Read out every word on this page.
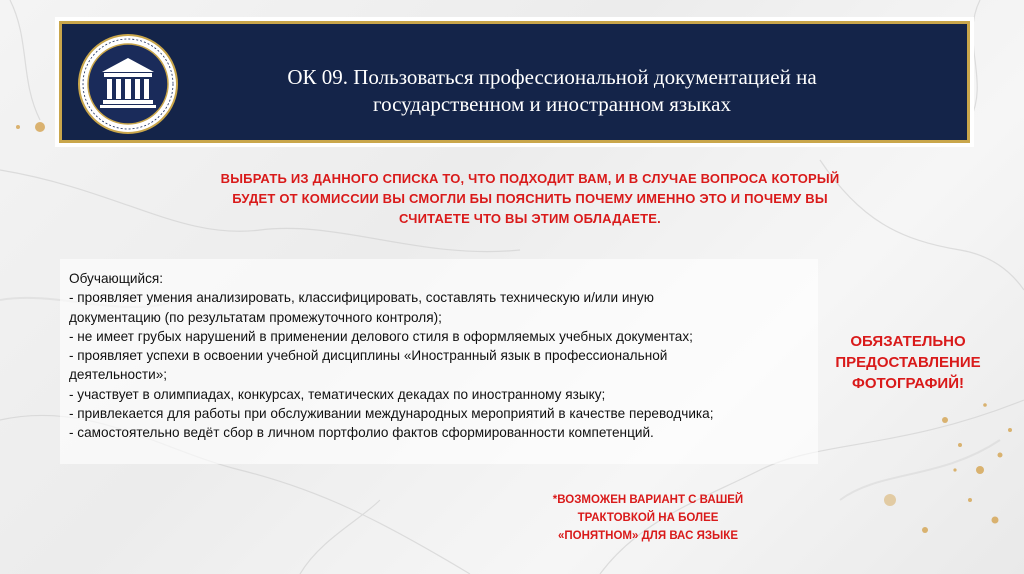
ОК 09. Пользоваться профессиональной документацией на
государственном и иностранном языках
ВЫБРАТЬ ИЗ ДАННОГО СПИСКА ТО, ЧТО ПОДХОДИТ ВАМ, И В СЛУЧАЕ ВОПРОСА КОТОРЫЙ
БУДЕТ ОТ КОМИССИИ ВЫ СМОГЛИ БЫ ПОЯСНИТЬ ПОЧЕМУ ИМЕННО ЭТО И ПОЧЕМУ ВЫ
СЧИТАЕТЕ ЧТО ВЫ ЭТИМ ОБЛАДАЕТЕ.
Обучающийся:
- проявляет умения анализировать, классифицировать, составлять техническую и/или иную
документацию (по результатам промежуточного контроля);
- не имеет грубых нарушений в применении делового стиля в оформляемых учебных документах;
- проявляет успехи в освоении учебной дисциплины «Иностранный язык в профессиональной
деятельности»;
- участвует в олимпиадах, конкурсах, тематических декадах по иностранному языку;
- привлекается для работы при обслуживании международных мероприятий в качестве переводчика;
- самостоятельно ведёт сбор в личном портфолио фактов сформированности компетенций.
ОБЯЗАТЕЛЬНО
ПРЕДОСТАВЛЕНИЕ
ФОТОГРАФИЙ!
*ВОЗМОЖЕН ВАРИАНТ С ВАШЕЙ
ТРАКТОВКОЙ НА БОЛЕЕ
«ПОНЯТНОМ» ДЛЯ ВАС ЯЗЫКЕ
